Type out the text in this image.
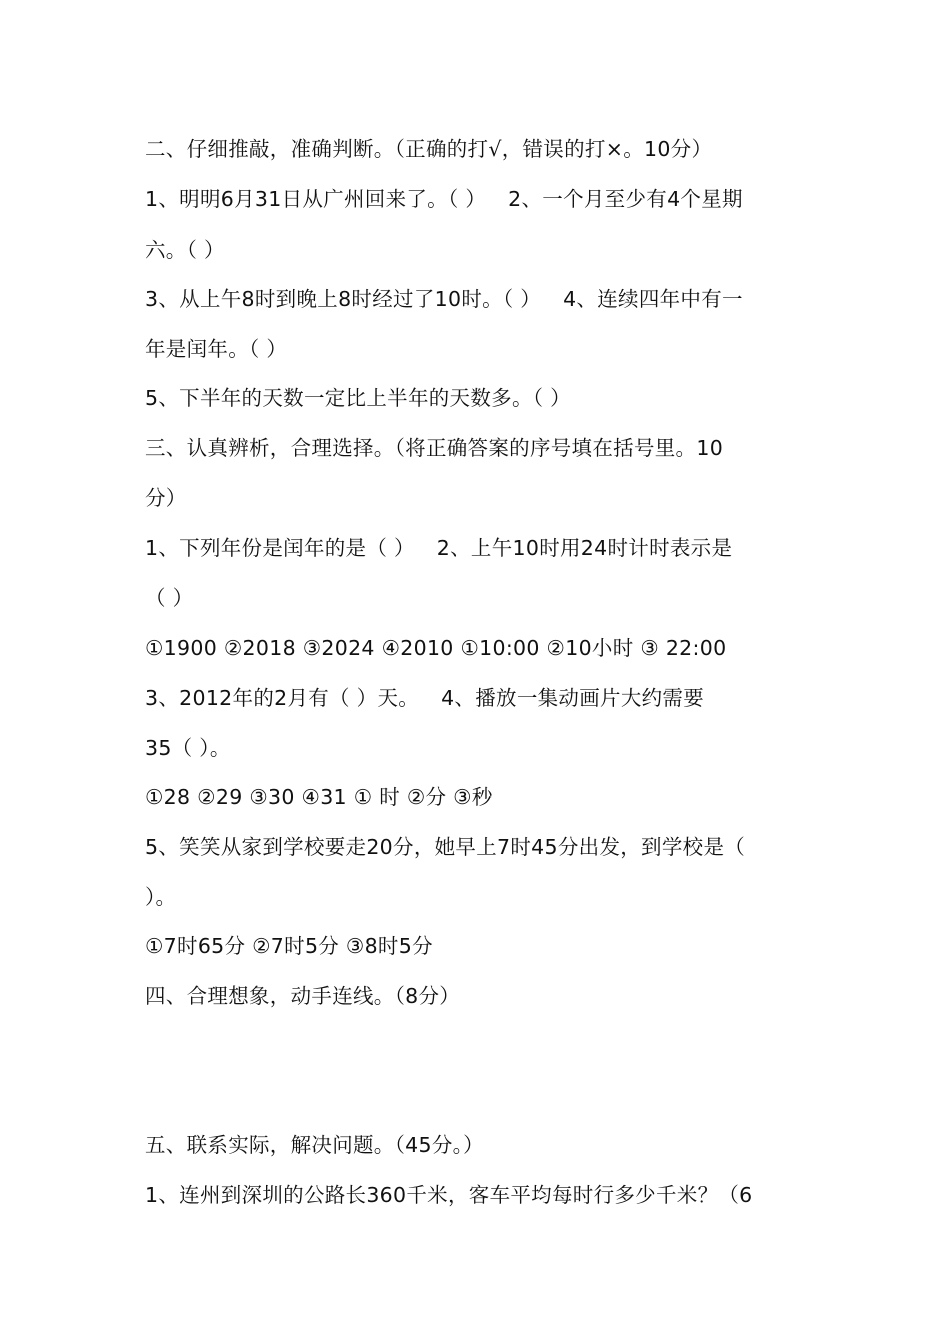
二、仔细推敲，准确判断。（正确的打√，错误的打×。10分）
1、明明6月31日从广州回来了。（ ） 2、一个月至少有4个星期
六。（ ）
3、从上午8时到晚上8时经过了10时。（ ） 4、连续四年中有一
年是闰年。（ ）
5、下半年的天数一定比上半年的天数多。（ ）
三、认真辨析，合理选择。（将正确答案的序号填在括号里。10
分）
1、下列年份是闰年的是（ ） 2、上午10时用24时计时表示是
（ ）
①1900 ②2018 ③2024 ④2010 ①10:00 ②10小时 ③ 22:00
3、2012年的2月有（ ）天。 4、播放一集动画片大约需要
35（ ）。
①28 ②29 ③30 ④31 ① 时 ②分 ③秒
5、笑笑从家到学校要走20分，她早上7时45分出发，到学校是（
）。
①7时65分 ②7时5分 ③8时5分
四、合理想象，动手连线。（8分）
五、联系实际，解决问题。（45分。）
1、连州到深圳的公路长360千米，客车平均每时行多少千米？（6
